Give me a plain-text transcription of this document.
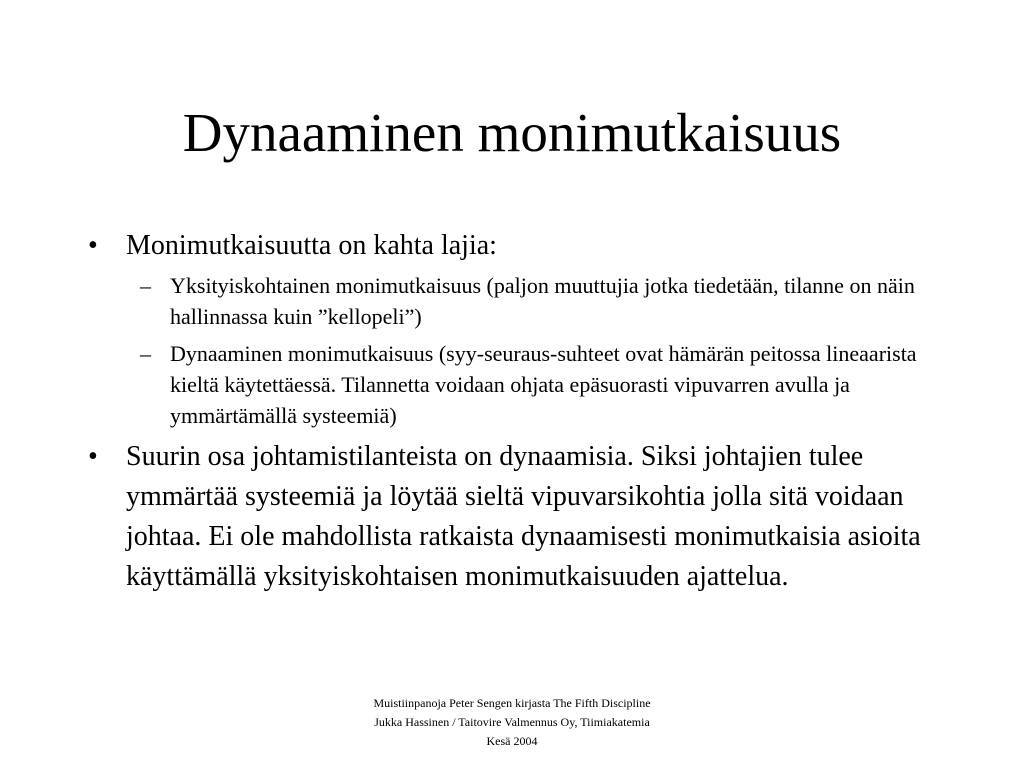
Dynaaminen monimutkaisuus
• Monimutkaisuutta on kahta lajia:
– Yksityiskohtainen monimutkaisuus (paljon muuttujia jotka tiedetään, tilanne on näin hallinnassa kuin ”kellopeli”)
– Dynaaminen monimutkaisuus (syy-seuraus-suhteet ovat hämärän peitossa lineaarista kieltä käytettäessä. Tilannetta voidaan ohjata epäsuorasti vipuvarren avulla ja ymmärtämällä systeemiä)
• Suurin osa johtamistilanteista on dynaamisia. Siksi johtajien tulee ymmärtää systeemiä ja löytää sieltä vipuvarsikohtia jolla sitä voidaan johtaa. Ei ole mahdollista ratkaista dynaamisesti monimutkaisia asioita käyttämällä yksityiskohtaisen monimutkaisuuden ajattelua.
Muistiinpanoja Peter Sengen kirjasta The Fifth Discipline
Jukka Hassinen / Taitovire Valmennus Oy, Tiimiakatemia
Kesä 2004
